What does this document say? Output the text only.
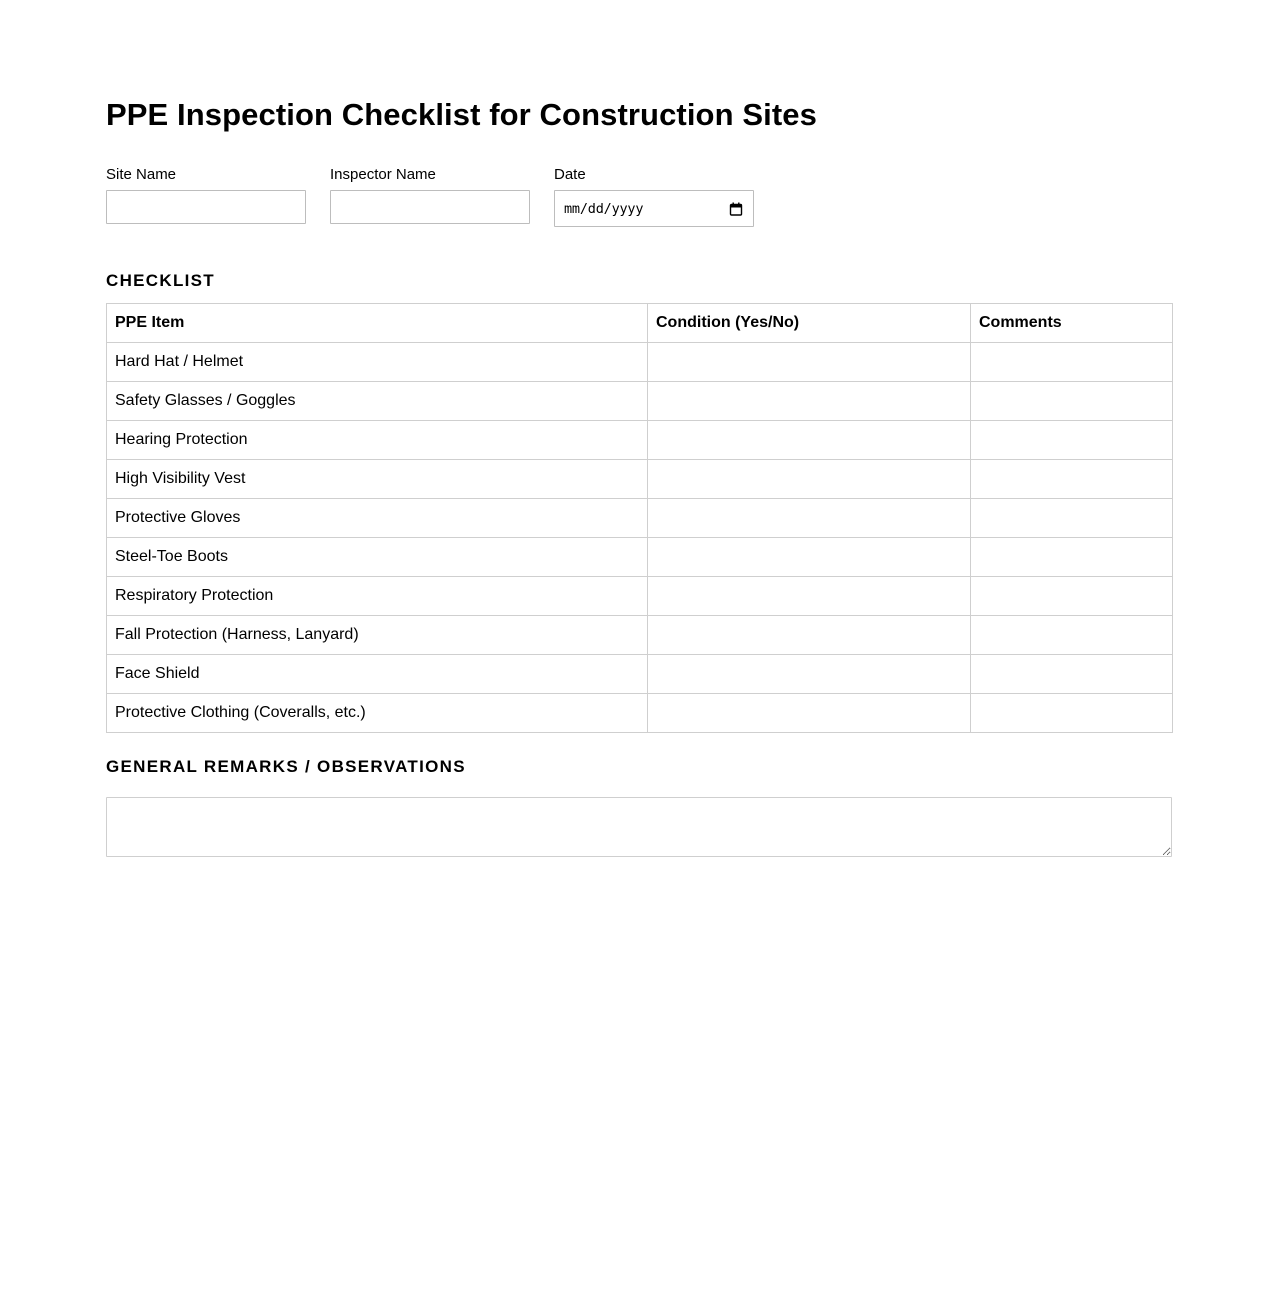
PPE Inspection Checklist for Construction Sites
Site Name	Inspector Name	Date
mm/dd/yyyy
CHECKLIST
PPE Item	Condition (Yes/No)	Comments
Hard Hat / Helmet		
Safety Glasses / Goggles		
Hearing Protection		
High Visibility Vest		
Protective Gloves		
Steel-Toe Boots		
Respiratory Protection		
Fall Protection (Harness, Lanyard)		
Face Shield		
Protective Clothing (Coveralls, etc.)		
GENERAL REMARKS / OBSERVATIONS
